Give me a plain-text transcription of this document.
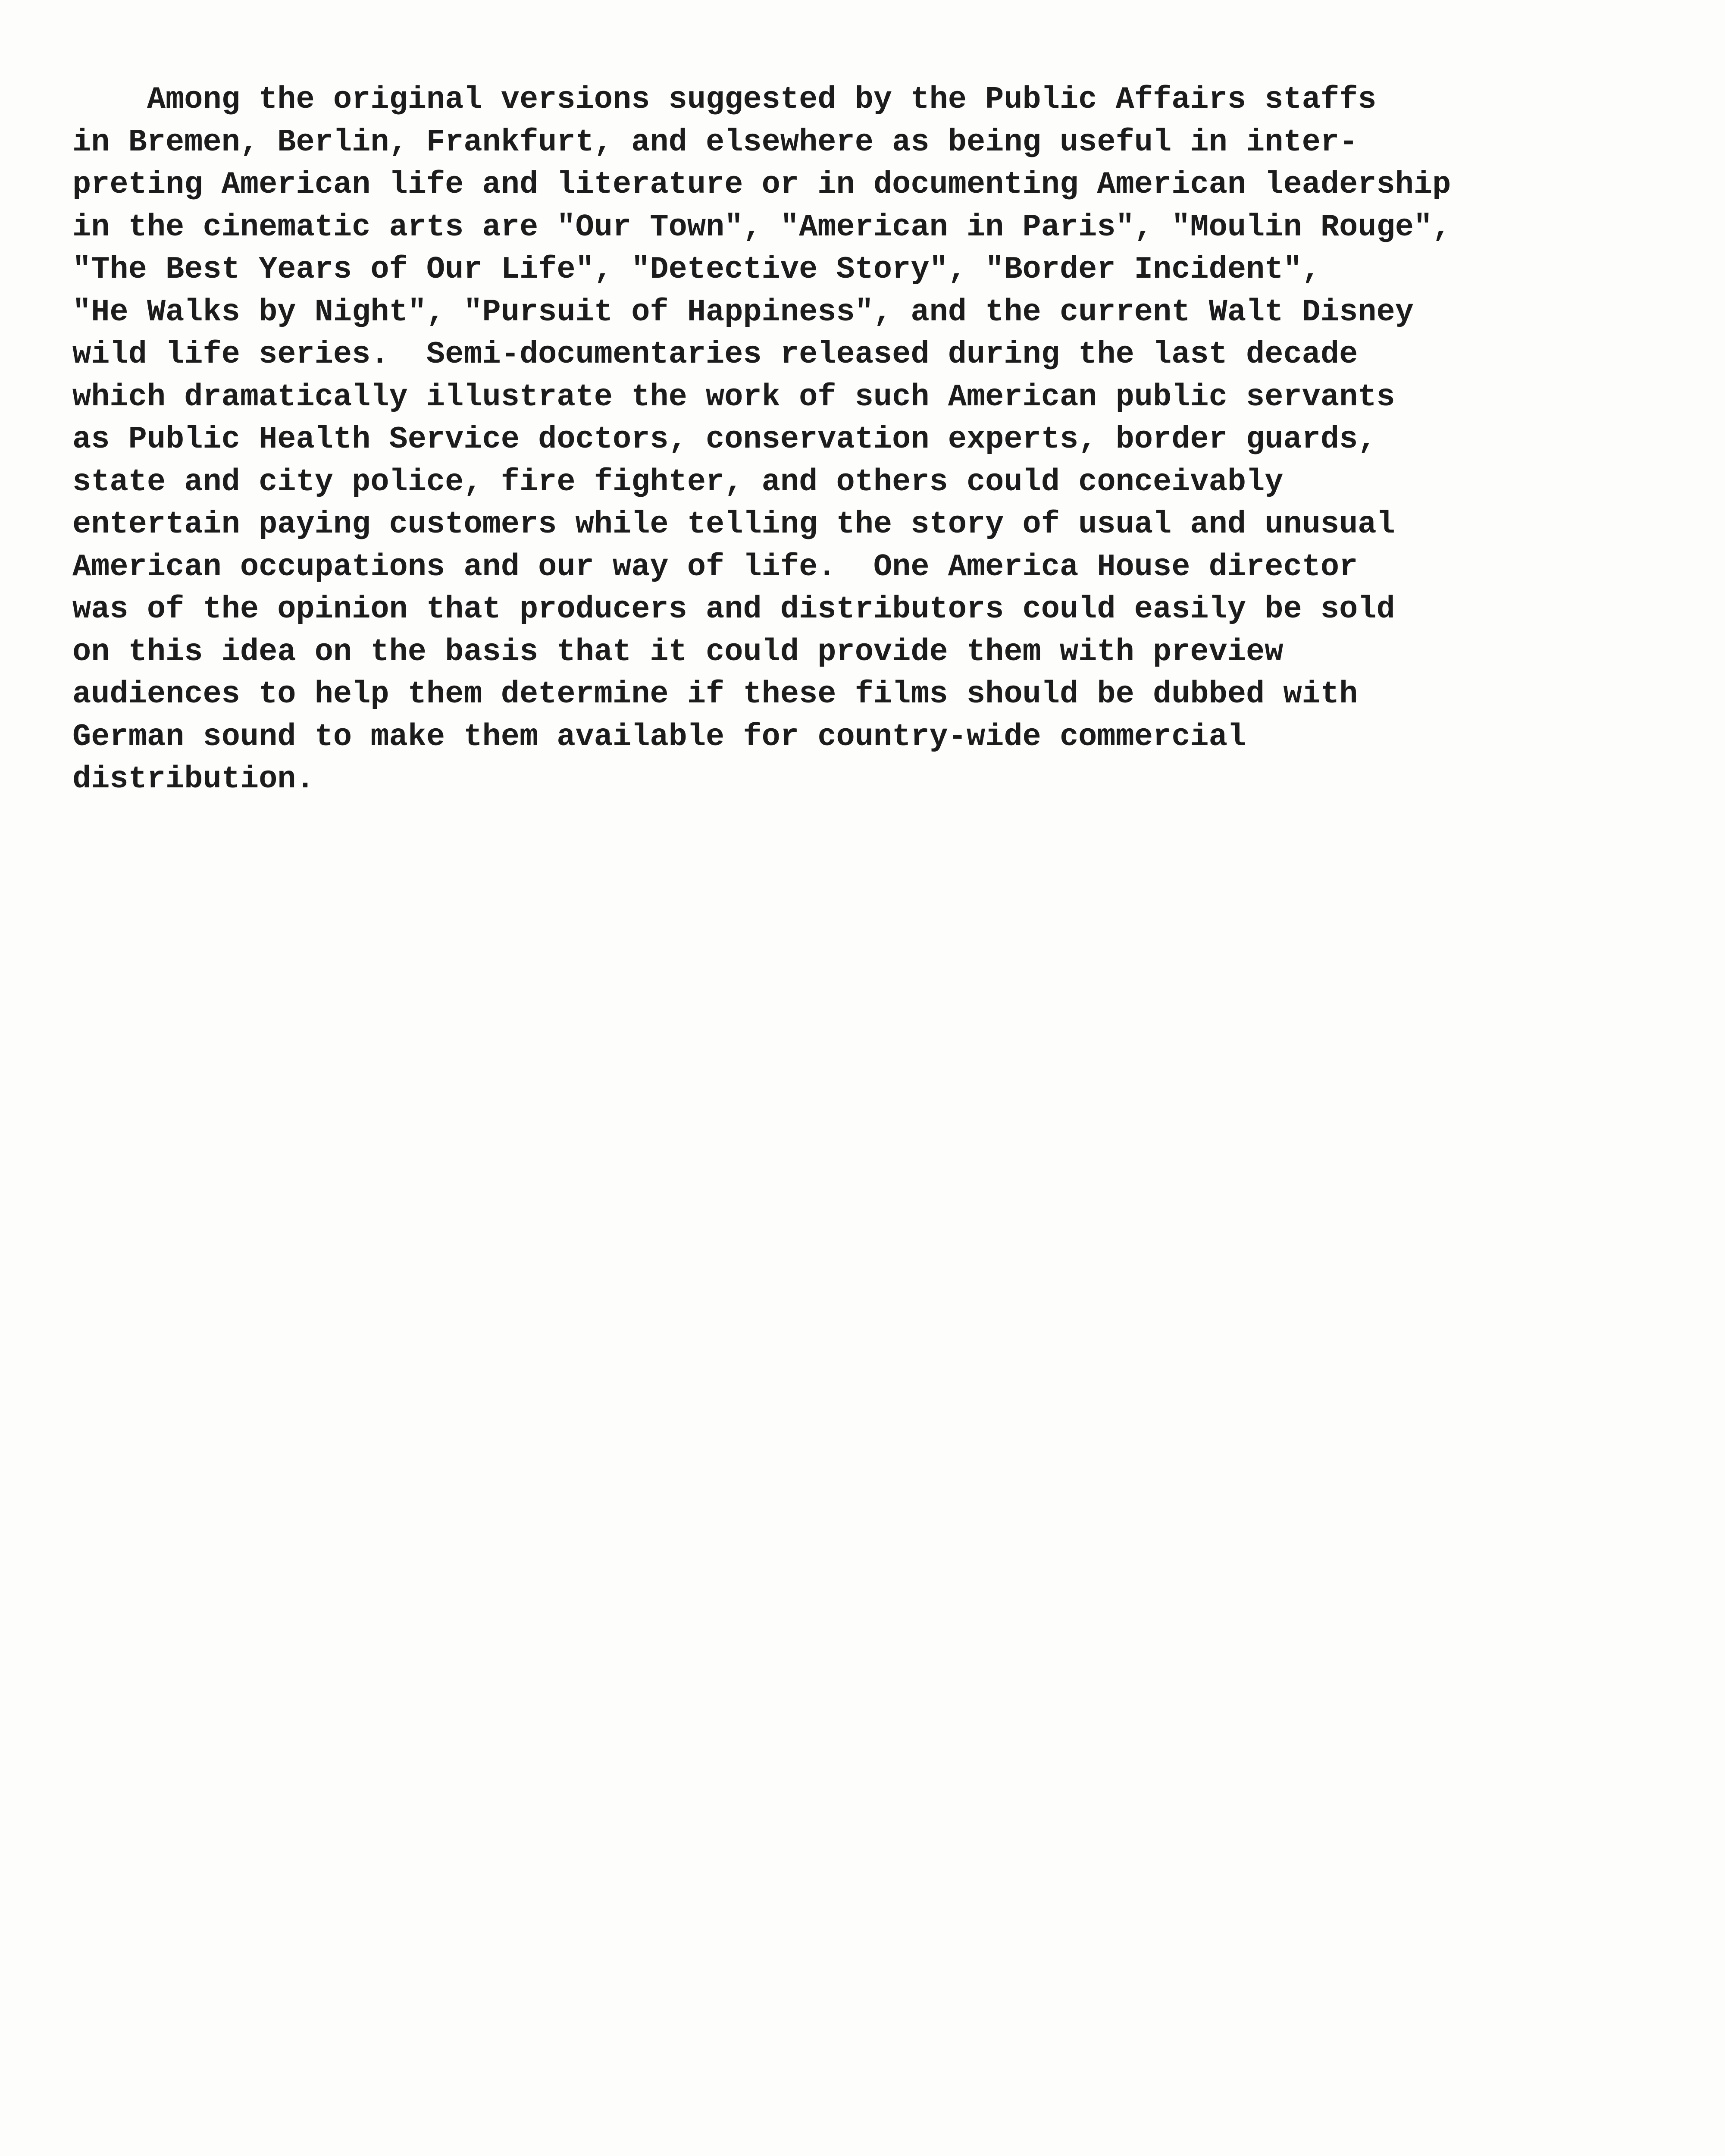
Among the original versions suggested by the Public Affairs staffs
in Bremen, Berlin, Frankfurt, and elsewhere as being useful in inter-
preting American life and literature or in documenting American leadership
in the cinematic arts are "Our Town", "American in Paris", "Moulin Rouge",
"The Best Years of Our Life", "Detective Story", "Border Incident",
"He Walks by Night", "Pursuit of Happiness", and the current Walt Disney
wild life series.  Semi-documentaries released during the last decade
which dramatically illustrate the work of such American public servants
as Public Health Service doctors, conservation experts, border guards,
state and city police, fire fighter, and others could conceivably
entertain paying customers while telling the story of usual and unusual
American occupations and our way of life.  One America House director
was of the opinion that producers and distributors could easily be sold
on this idea on the basis that it could provide them with preview
audiences to help them determine if these films should be dubbed with
German sound to make them available for country-wide commercial
distribution.
